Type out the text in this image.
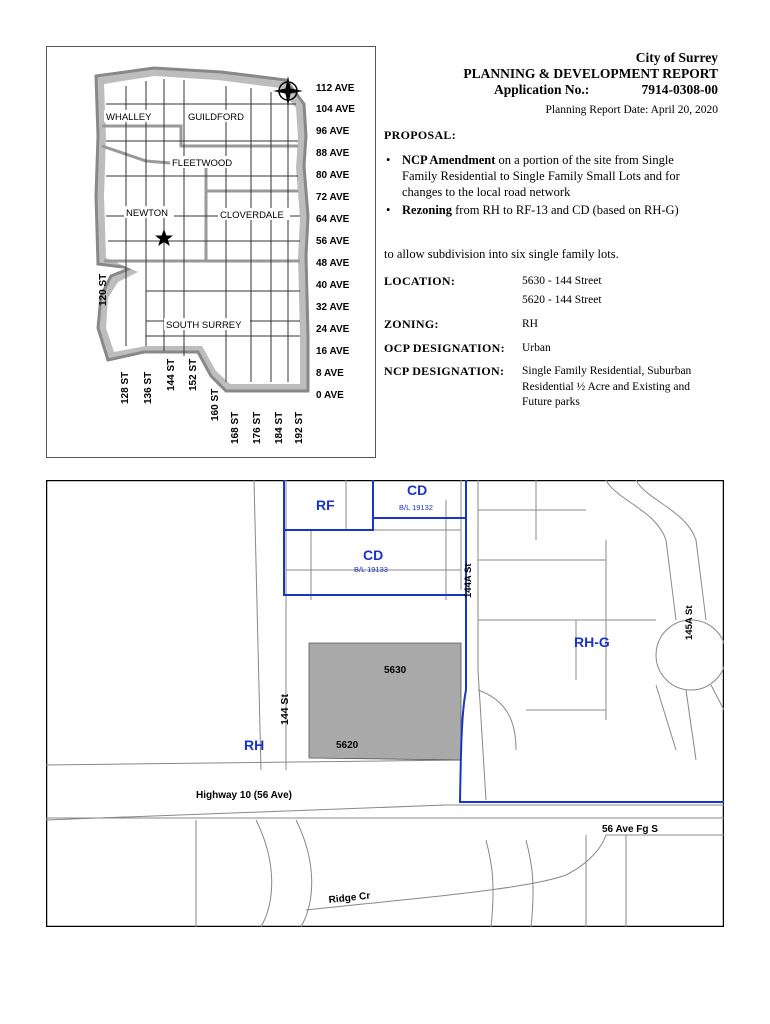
WHALLEY	GUILDFORD
FLEETWOOD
NEWTON	CLOVERDALE
SOUTH SURREY
112 AVE
104 AVE
96 AVE
88 AVE
80 AVE
72 AVE
64 AVE
56 AVE
48 AVE
40 AVE
32 AVE
24 AVE
16 AVE
8 AVE
0 AVE
120 ST
128 ST 136 ST 144 ST 152 ST
160 ST
168 ST 176 ST 184 ST 192 ST
City of Surrey
PLANNING & DEVELOPMENT REPORT
Application No.:	7914-0308-00
Planning Report Date: April 20, 2020
PROPOSAL:
• NCP Amendment on a portion of the site from Single Family Residential to Single Family Small Lots and for changes to the local road network
• Rezoning from RH to RF-13 and CD (based on RH-G)
to allow subdivision into six single family lots.
LOCATION:	5630 - 144 Street
5620 - 144 Street
ZONING:	RH
OCP DESIGNATION: Urban
NCP DESIGNATION: Single Family Residential, Suburban Residential ½ Acre and Existing and Future parks
RF
CD
CD
RH-G
RH
B/L 19132
B/L 19133
5630
5620
144 St
144A St
145A St
Highway 10 (56 Ave)
56 Ave Fg S
Ridge Cr
